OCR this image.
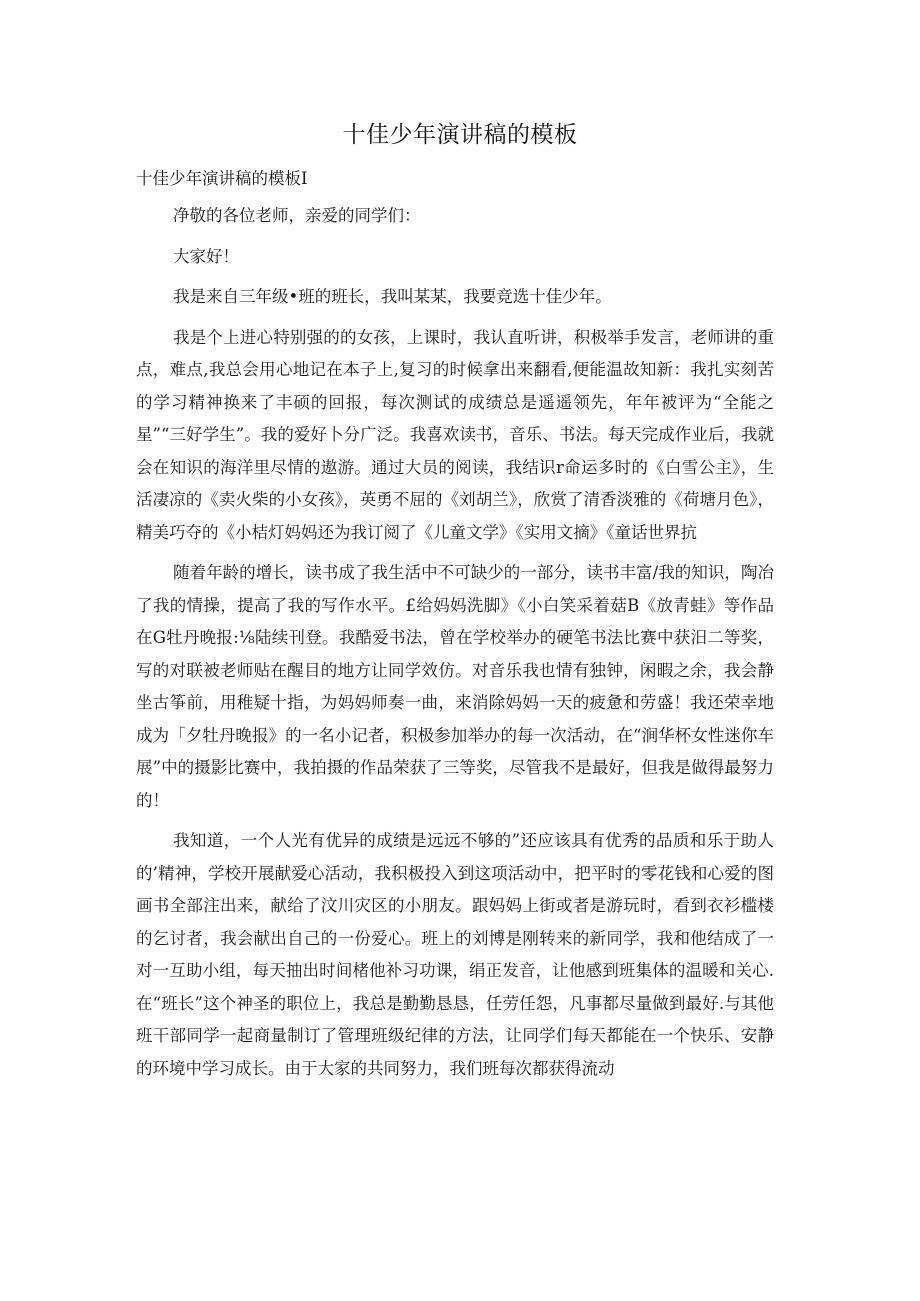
十佳少年演讲稿的模板
十佳少年演讲稿的模板I

净敬的各位老师，亲爱的同学们：

大家好！

我是来自三年级•班的班长，我叫某某，我要竞选十佳少年。

我是个上进心特别强的的女孩，上课时，我认直听讲，积极举手发言，老师讲的重点，难点,我总会用心地记在本子上,复习的时候拿出来翻看,便能温故知新：我扎实刻苦的学习精神换来了丰硕的回报，每次测试的成绩总是遥遥领先，年年被评为“全能之星”“三好学生”。我的爱好卜分广泛。我喜欢读书，音乐、书法。每天完成作业后，我就会在知识的海洋里尽情的遨游。通过大员的阅读，我结识r命运多时的《白雪公主》，生活凄凉的《卖火柴的小女孩》，英勇不屈的《刘胡兰》，欣赏了清香淡雅的《荷塘月色》，精美巧夺的《小桔灯妈妈还为我订阅了《儿童文学》《实用文摘》《童话世界抗

随着年龄的增长，读书成了我生活中不可缺少的一部分，读书丰富/我的知识，陶冶了我的情操，提高了我的写作水平。£给妈妈洗脚》《小白笑采着菇B《放青蛙》等作品在G牡丹晚报:⅛陆续刊登。我酷爱书法，曾在学校举办的硬笔书法比赛中获汨二等奖，写的对联被老师贴在醒目的地方让同学效仿。对音乐我也情有独钟，闲暇之余，我会静坐古筝前，用稚疑十指，为妈妈师奏一曲，来消除妈妈一天的疲惫和劳盛！我还荣幸地成为「夕牡丹晚报》的一名小记者，积极参加举办的每一次活动，在“涧华杯女性迷你车展”中的摄影比赛中，我拍摄的作品荣获了三等奖，尽管我不是最好，但我是做得最努力的！

我知道，一个人光有优异的成绩是远远不够的”还应该具有优秀的品质和乐于助人的’精神，学校开展献爱心活动，我积极投入到这项活动中，把平时的零花钱和心爱的图画书全部注出来，献给了汶川灾区的小朋友。跟妈妈上街或者是游玩时，看到衣衫槛楼的乞讨者，我会献出自己的一份爱心。班上的刘博是刚转来的新同学，我和他结成了一对一互助小组，每天抽出时间楮他补习功课，绢正发音，让他感到班集体的温暖和关心.在“班长”这个神圣的职位上，我总是勤勤恳恳，任劳任怨，凡事都尽量做到最好.与其他班干部同学一起商量制订了管理班级纪律的方法，让同学们每天都能在一个快乐、安静的环境中学习成长。由于大家的共同努力，我们班每次都获得流动
